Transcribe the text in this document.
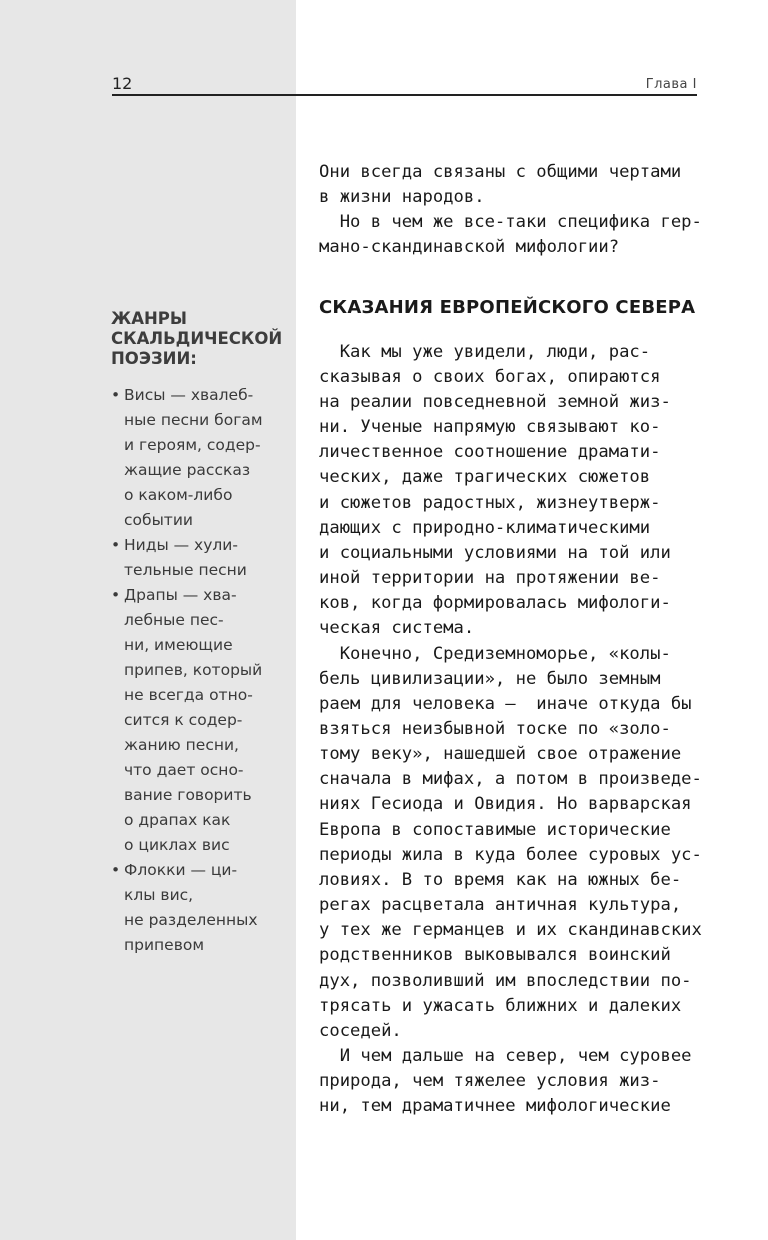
12	Глава I
ЖАНРЫ
СКАЛЬДИЧЕСКОЙ
ПОЭЗИИ:
• Висы — хвалеб-
ные песни богам
и героям, содер-
жащие рассказ
о каком-либо
событии
• Ниды — хули-
тельные песни
• Драпы — хва-
лебные пес-
ни, имеющие
припев, который
не всегда отно-
сится к содер-
жанию песни,
что дает осно-
вание говорить
о драпах как
о циклах вис
• Флокки — ци-
клы вис,
не разделенных
припевом

Они всегда связаны с общими чертами
в жизни народов.
Но в чем же все-таки специфика гер-
мано-скандинавской мифологии?

СКАЗАНИЯ ЕВРОПЕЙСКОГО СЕВЕРА

Как мы уже увидели, люди, рас-
сказывая о своих богах, опираются
на реалии повседневной земной жиз-
ни. Ученые напрямую связывают ко-
личественное соотношение драмати-
ческих, даже трагических сюжетов
и сюжетов радостных, жизнеутверж-
дающих с природно-климатическими
и социальными условиями на той или
иной территории на протяжении ве-
ков, когда формировалась мифологи-
ческая система.

Конечно, Средиземноморье, «колы-
бель цивилизации», не было земным
раем для человека —  иначе откуда бы
взяться неизбывной тоске по «золо-
тому веку», нашедшей свое отражение
сначала в мифах, а потом в произведе-
ниях Гесиода и Овидия. Но варварская
Европа в сопоставимые исторические
периоды жила в куда более суровых ус-
ловиях. В то время как на южных бе-
регах расцветала античная культура,
у тех же германцев и их скандинавских
родственников выковывался воинский
дух, позволивший им впоследствии по-
трясать и ужасать ближних и далеких
соседей.

И чем дальше на север, чем суровее
природа, чем тяжелее условия жиз-
ни, тем драматичнее мифологические
